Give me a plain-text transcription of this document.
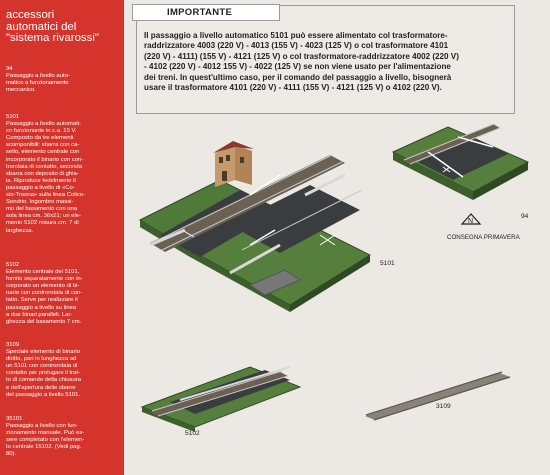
accessori
automatici del
"sistema rivarossi"
94
Passaggio a livello auto-
matico a funzionamento
meccanico.
5101
Passaggio a livello automati-
co funzionante in c.a. 15 V.
Composto da tre elementi
scomponibili: sbarra con ca-
sello, elemento centrale con
incorporato il binario con con-
trorotaia di contatto, seconda
sbarra con deposito di ghia-
ia. Riproduce fedelmente il
passaggio a livello di «Co-
sio-Traona» sulla linea Colico-
Sondrio. Ingombro massi-
mo del basamento con una
sola linea cm. 36x21; un ele-
mento 5102 misura cm. 7 di
larghezza.
5102
Elemento centrale del 5101,
fornito separatamente con in-
corporato un elemento di bi-
nario con controrotaia di con-
tatto. Serve per realizzare il
passaggio a livello su linea
a due binari paralleli. Lar-
ghezza del basamento 7 cm.
3109
Speciale elemento di binario
diritto, pari in lunghezza ad
un 5101 con controrotaia di
contatto per prolugare il trat-
to di comando della chiusura
e dell'apertura delle sbarre
del passaggio a livello 5101.
35101
Passaggio a livello con fun-
zionamento manuale. Può es-
sere completato con l'elemen-
to centrale 15102. (Vedi pag.
80).
IMPORTANTE
Il passaggio a livello automatico 5101 può essere alimentato col trasformatore-
raddrizzatore 4003 (220 V) - 4013 (155 V) - 4023 (125 V) o col trasformatore 4101
(220 V) - 4111) (155 V) - 4121 (125 V) o col trasformatore-raddrizzatore 4002 (220 V)
- 4102 (220 V) - 4012 155 V) - 4022 (125 V) se non viene usato per l'alimentazione
dei treni. In quest'ultimo caso, per il comando del passaggio a livello, bisognerà
usare il trasformatore 4101 (220 V) - 4111 (155 V) - 4121 (125 V) o 4102 (220 V).
N
5101
94
5102
3109
CONSEGNA PRIMAVERA
